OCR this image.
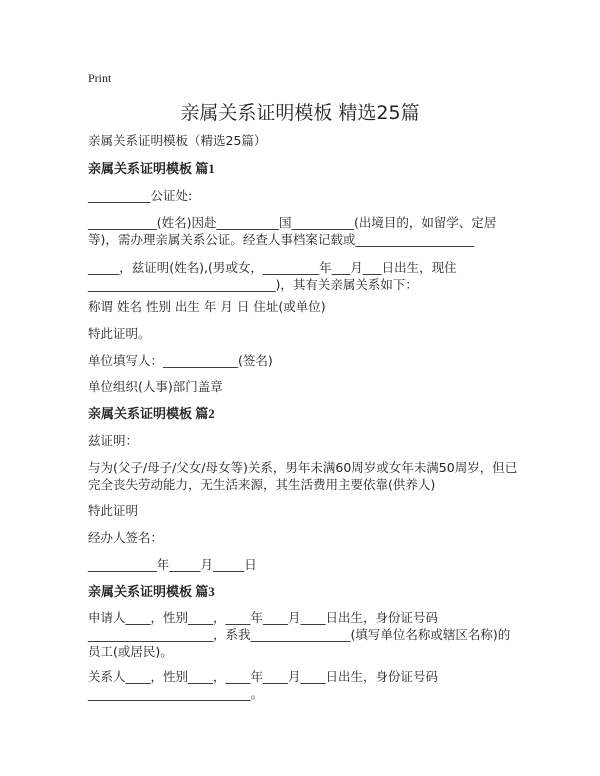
Print
亲属关系证明模板 精选25篇
亲属关系证明模板（精选25篇）
亲属关系证明模板 篇1
__________公证处:
___________(姓名)因赴__________国__________(出境目的，如留学、定居等)，需办理亲属关系公证。经查人事档案记载或___________________
_____，兹证明(姓名),(男或女，_________年___月___日出生，现住______________________________)，其有关亲属关系如下：
称谓 姓名 性别 出生 年 月 日 住址(或单位)
特此证明。
单位填写人：____________(签名)
单位组织(人事)部门盖章
亲属关系证明模板 篇2
兹证明：
与为(父子/母子/父女/母女等)关系，男年未满60周岁或女年未满50周岁，但已完全丧失劳动能力，无生活来源，其生活费用主要依靠(供养人)
特此证明
经办人签名：
___________年_____月_____日
亲属关系证明模板 篇3
申请人____，性别____，____年____月____日出生，身份证号码____________________，系我________________(填写单位名称或辖区名称)的员工(或居民)。
关系人____，性别____，____年____月____日出生，身份证号码__________________________。
